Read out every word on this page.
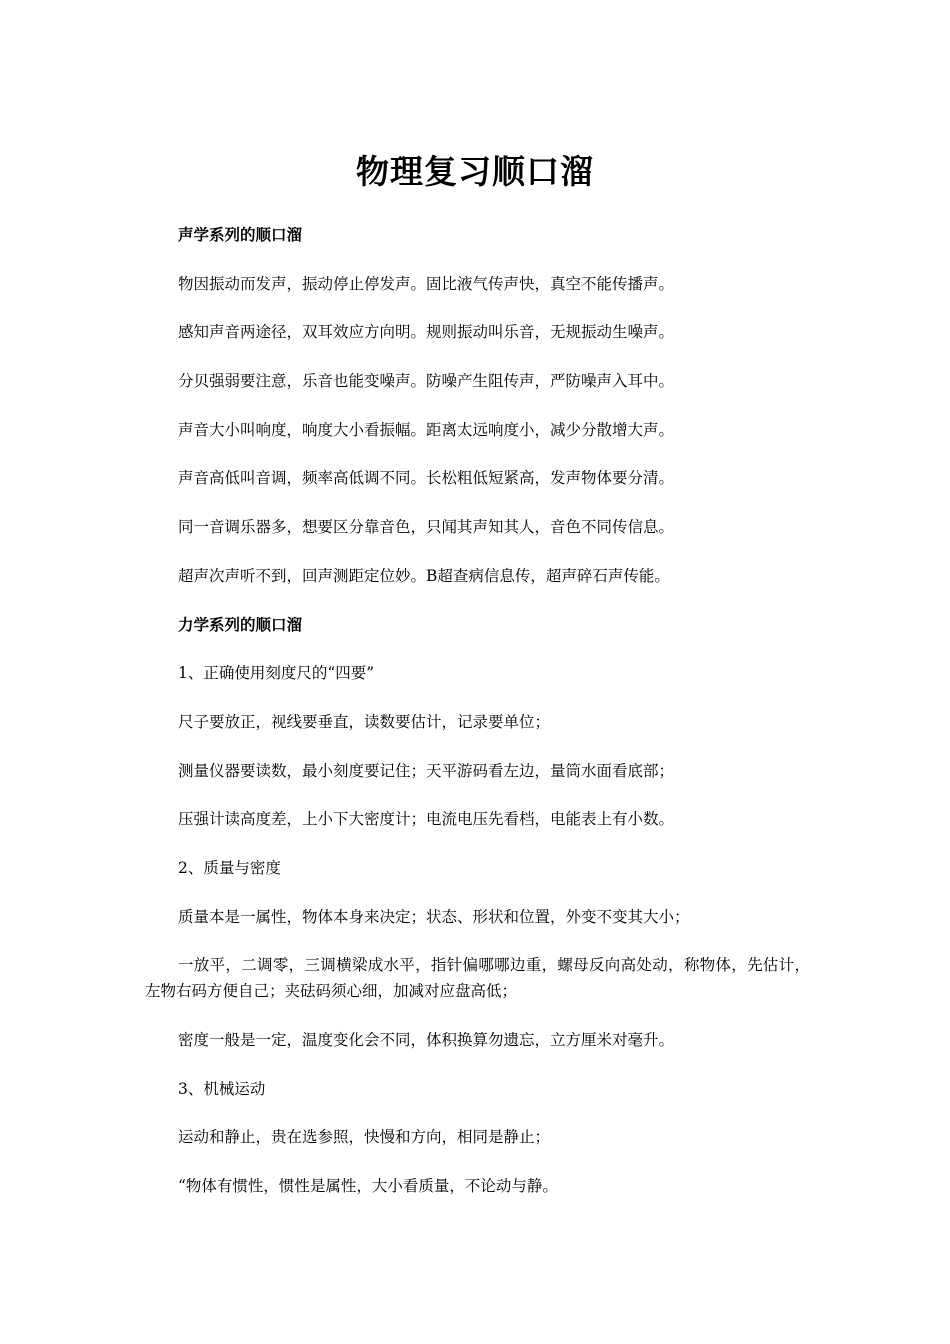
物理复习顺口溜

声学系列的顺口溜

物因振动而发声，振动停止停发声。固比液气传声快，真空不能传播声。

感知声音两途径，双耳效应方向明。规则振动叫乐音，无规振动生噪声。

分贝强弱要注意，乐音也能变噪声。防噪产生阻传声，严防噪声入耳中。

声音大小叫响度，响度大小看振幅。距离太远响度小，减少分散增大声。

声音高低叫音调，频率高低调不同。长松粗低短紧高，发声物体要分清。

同一音调乐器多，想要区分靠音色，只闻其声知其人，音色不同传信息。

超声次声听不到，回声测距定位妙。B超查病信息传，超声碎石声传能。

力学系列的顺口溜

1、正确使用刻度尺的“四要”

尺子要放正，视线要垂直，读数要估计，记录要单位；

测量仪器要读数，最小刻度要记住；天平游码看左边，量筒水面看底部；

压强计读高度差，上小下大密度计；电流电压先看档，电能表上有小数。

2、质量与密度

质量本是一属性，物体本身来决定；状态、形状和位置，外变不变其大小；

一放平，二调零，三调横梁成水平，指针偏哪哪边重，螺母反向高处动，称物体，先估计，左物右码方便自己；夹砝码须心细，加减对应盘高低；

密度一般是一定，温度变化会不同，体积换算勿遗忘，立方厘米对毫升。

3、机械运动

运动和静止，贵在选参照，快慢和方向，相同是静止；

“物体有惯性，惯性是属性，大小看质量，不论动与静。
